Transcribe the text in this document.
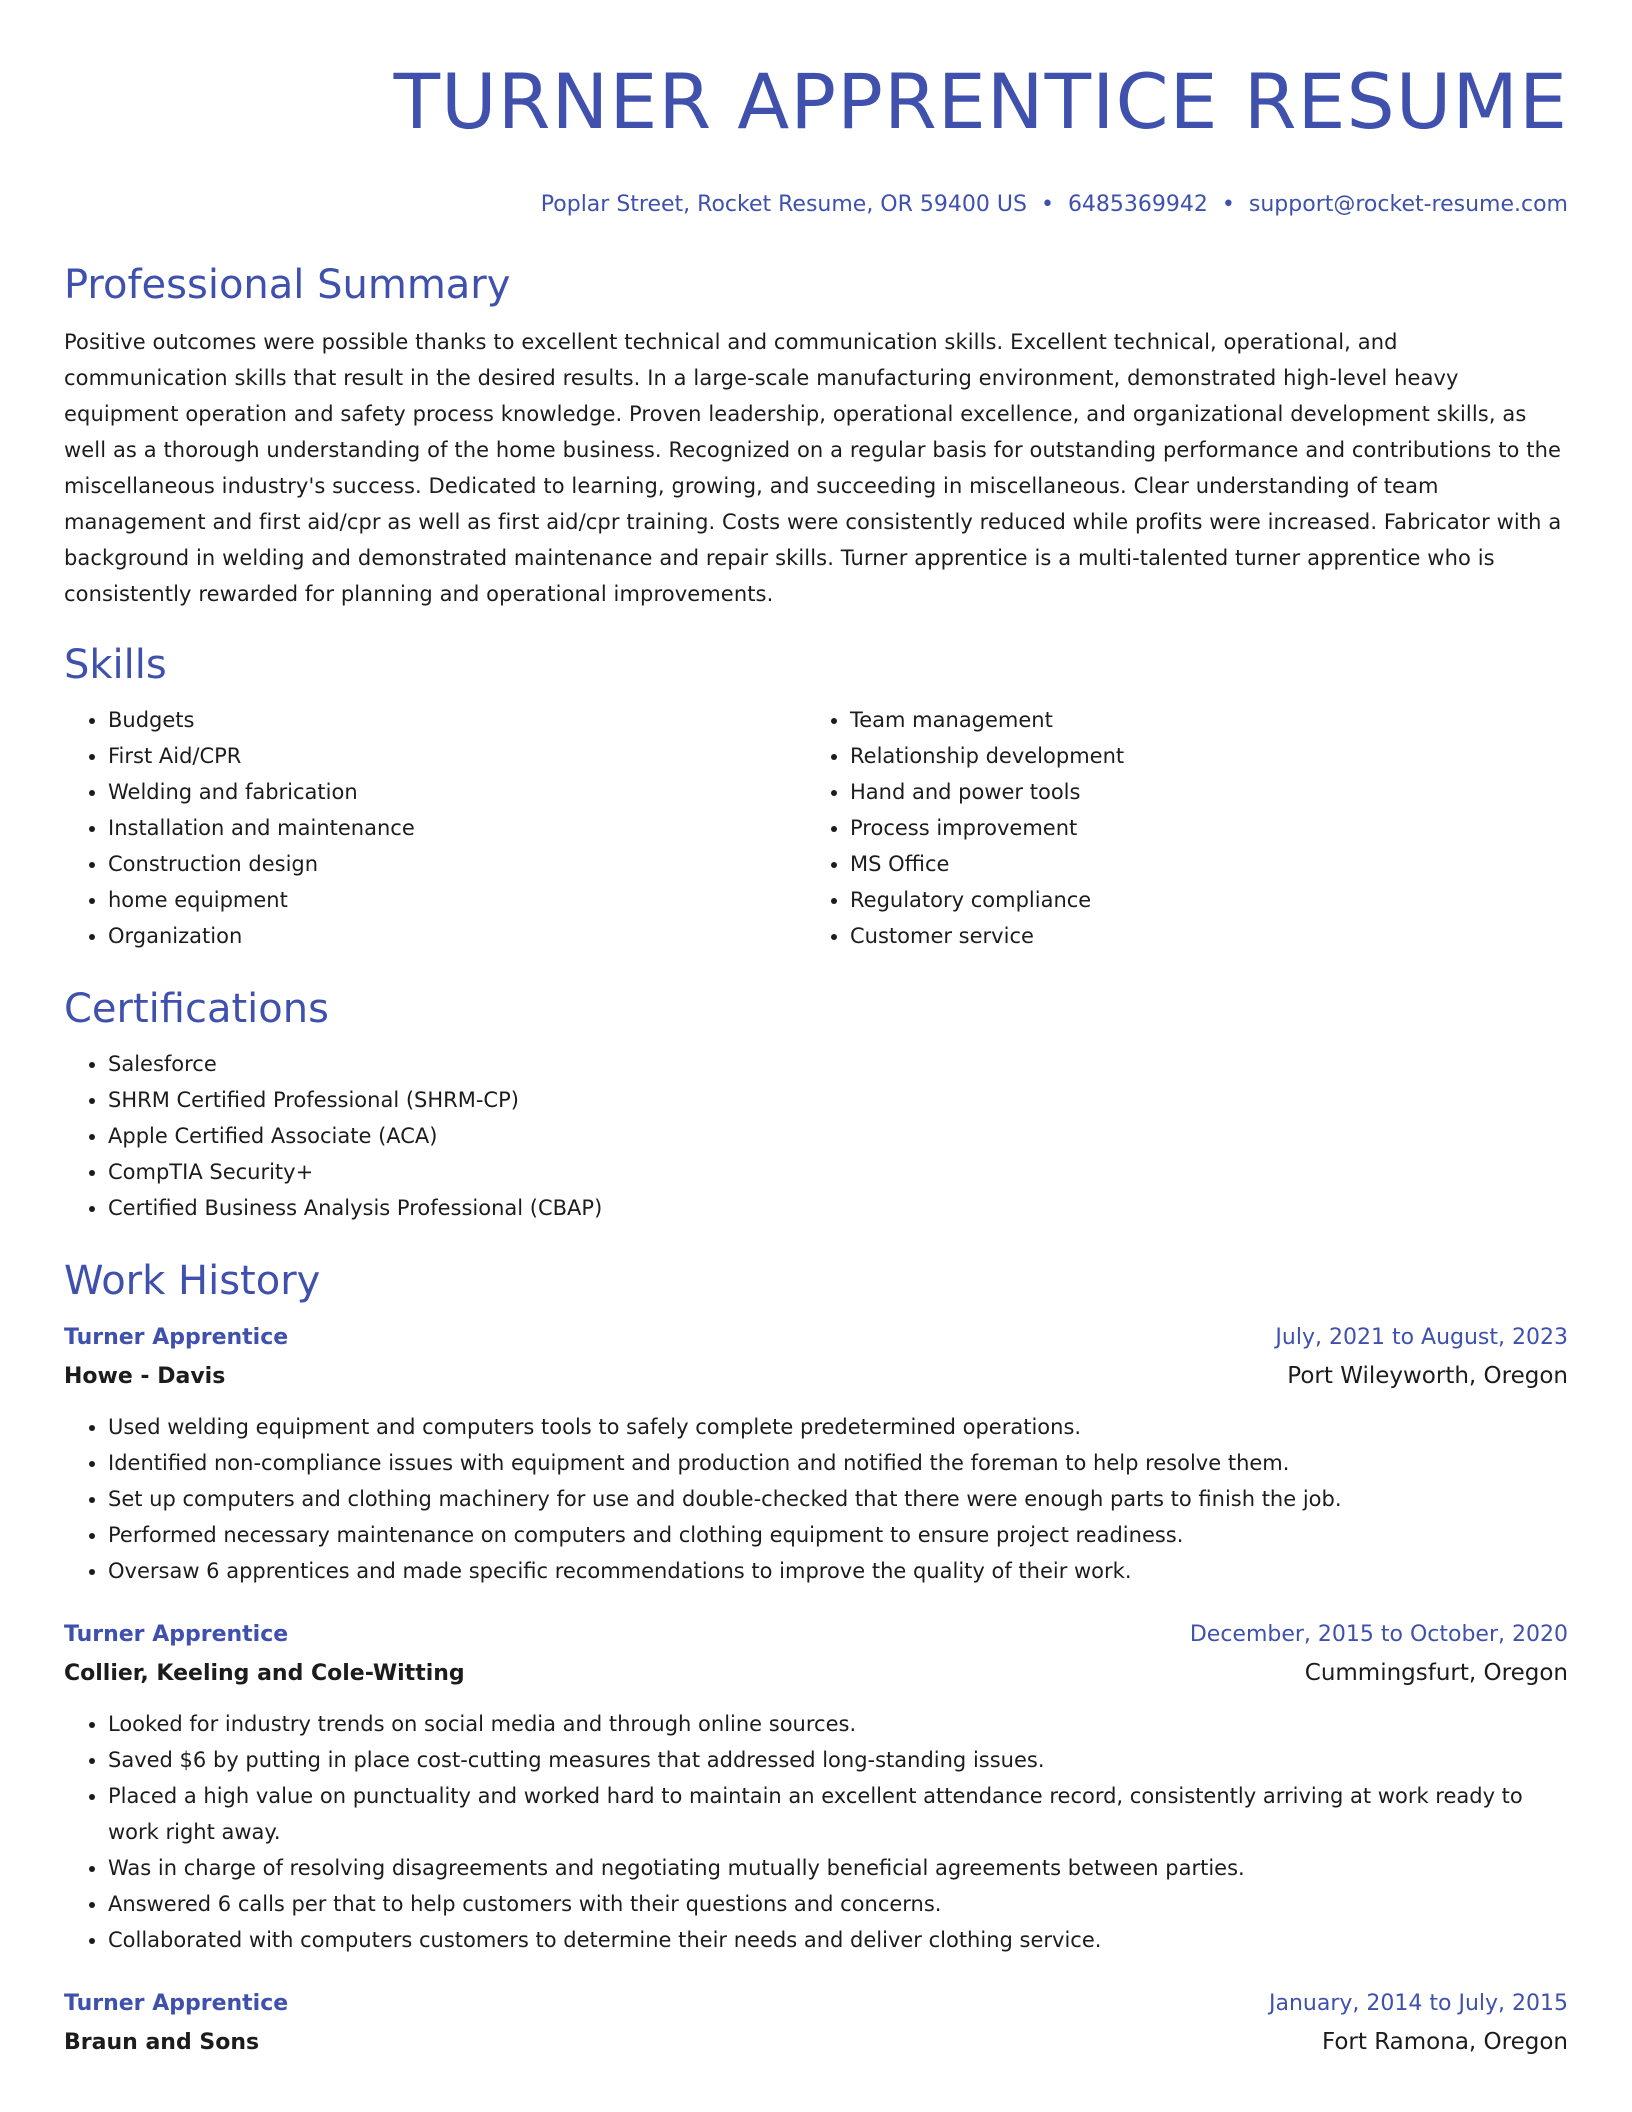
TURNER APPRENTICE RESUME
Poplar Street, Rocket Resume, OR 59400 US • 6485369942 • support@rocket-resume.com
Professional Summary
Positive outcomes were possible thanks to excellent technical and communication skills. Excellent technical, operational, and communication skills that result in the desired results. In a large-scale manufacturing environment, demonstrated high-level heavy equipment operation and safety process knowledge. Proven leadership, operational excellence, and organizational development skills, as well as a thorough understanding of the home business. Recognized on a regular basis for outstanding performance and contributions to the miscellaneous industry's success. Dedicated to learning, growing, and succeeding in miscellaneous. Clear understanding of team management and first aid/cpr as well as first aid/cpr training. Costs were consistently reduced while profits were increased. Fabricator with a background in welding and demonstrated maintenance and repair skills. Turner apprentice is a multi-talented turner apprentice who is consistently rewarded for planning and operational improvements.
Skills
• Budgets
• First Aid/CPR
• Welding and fabrication
• Installation and maintenance
• Construction design
• home equipment
• Organization
• Team management
• Relationship development
• Hand and power tools
• Process improvement
• MS Office
• Regulatory compliance
• Customer service
Certifications
• Salesforce
• SHRM Certified Professional (SHRM-CP)
• Apple Certified Associate (ACA)
• CompTIA Security+
• Certified Business Analysis Professional (CBAP)
Work History
Turner Apprentice	July, 2021 to August, 2023
Howe - Davis	Port Wileyworth, Oregon
• Used welding equipment and computers tools to safely complete predetermined operations.
• Identified non-compliance issues with equipment and production and notified the foreman to help resolve them.
• Set up computers and clothing machinery for use and double-checked that there were enough parts to finish the job.
• Performed necessary maintenance on computers and clothing equipment to ensure project readiness.
• Oversaw 6 apprentices and made specific recommendations to improve the quality of their work.
Turner Apprentice	December, 2015 to October, 2020
Collier, Keeling and Cole-Witting	Cummingsfurt, Oregon
• Looked for industry trends on social media and through online sources.
• Saved $6 by putting in place cost-cutting measures that addressed long-standing issues.
• Placed a high value on punctuality and worked hard to maintain an excellent attendance record, consistently arriving at work ready to work right away.
• Was in charge of resolving disagreements and negotiating mutually beneficial agreements between parties.
• Answered 6 calls per that to help customers with their questions and concerns.
• Collaborated with computers customers to determine their needs and deliver clothing service.
Turner Apprentice	January, 2014 to July, 2015
Braun and Sons	Fort Ramona, Oregon
